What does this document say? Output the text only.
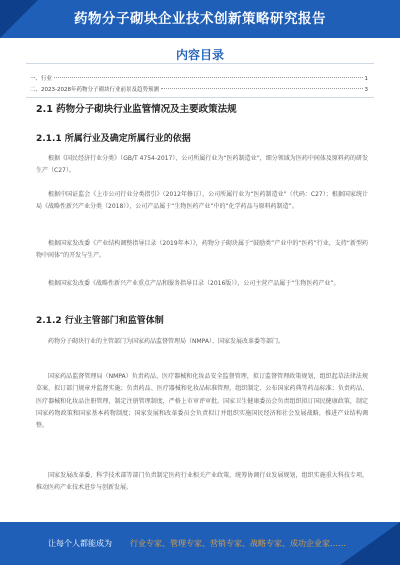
药物分子砌块企业技术创新策略研究报告
内容目录
一、行业	1
二、2023-2028年药物分子砌块行业前景及趋势预测	3
2.1 药物分子砌块行业监管情况及主要政策法规
2.1.1 所属行业及确定所属行业的依据
根据《国民经济行业分类》（GB/T 4754-2017），公司所属行业为“医药制造业”，细分领域为医药中间体及原料药的研发生产（C27）。
根据中国证监会《上市公司行业分类指引》（2012年修订），公司所属行业为“医药制造业”（代码：C27）；根据国家统计局《战略性新兴产业分类（2018）》，公司产品属于“生物医药产业”中的“化学药品与原料药制造”。
根据国家发改委《产业结构调整指导目录（2019年本）》，药物分子砌块属于“鼓励类”产业中的“医药”行业，支持“新型药物中间体”的开发与生产。
根据国家发改委《战略性新兴产业重点产品和服务指导目录（2016版）》，公司主营产品属于“生物医药产业”。
2.1.2 行业主管部门和监管体制
药物分子砌块行业的主管部门为国家药品监督管理局（NMPA）、国家发展改革委等部门。
国家药品监督管理局（NMPA）负责药品、医疗器械和化妆品安全监督管理，拟订监督管理政策规划，组织起草法律法规草案，拟订部门规章并监督实施；负责药品、医疗器械和化妆品标准管理，组织制定、公布国家药典等药品标准；负责药品、医疗器械和化妆品注册管理，制定注册管理制度，严格上市审评审批。国家卫生健康委员会负责组织拟订国民健康政策，制定国家药物政策和国家基本药物制度；国家发展和改革委员会负责拟订并组织实施国民经济和社会发展战略，推进产业结构调整。
国家发展改革委、科学技术部等部门负责制定医药行业相关产业政策，统筹协调行业发展规划，组织实施重大科技专项，推动医药产业技术进步与创新发展。
让每个人都能成为 行业专家、管理专家、营销专家、战略专家、成功企业家……
